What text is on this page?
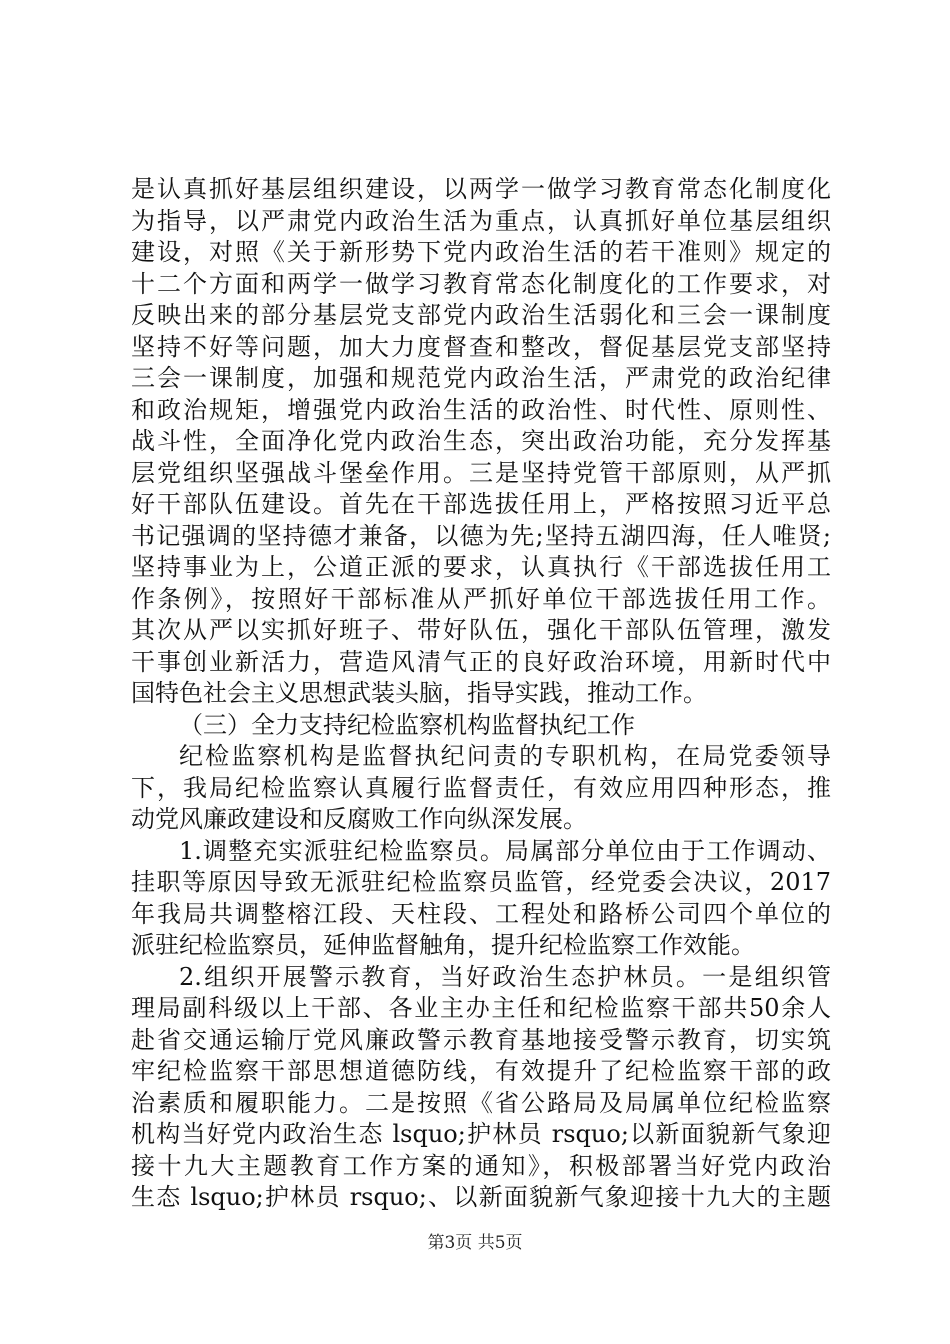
是认真抓好基层组织建设，以两学一做学习教育常态化制度化
为指导，以严肃党内政治生活为重点，认真抓好单位基层组织
建设，对照《关于新形势下党内政治生活的若干准则》规定的
十二个方面和两学一做学习教育常态化制度化的工作要求，对
反映出来的部分基层党支部党内政治生活弱化和三会一课制度
坚持不好等问题，加大力度督查和整改，督促基层党支部坚持
三会一课制度，加强和规范党内政治生活，严肃党的政治纪律
和政治规矩，增强党内政治生活的政治性、时代性、原则性、
战斗性，全面净化党内政治生态，突出政治功能，充分发挥基
层党组织坚强战斗堡垒作用。三是坚持党管干部原则，从严抓
好干部队伍建设。首先在干部选拔任用上，严格按照习近平总
书记强调的坚持德才兼备，以德为先;坚持五湖四海，任人唯贤;
坚持事业为上，公道正派的要求，认真执行《干部选拔任用工
作条例》，按照好干部标准从严抓好单位干部选拔任用工作。
其次从严以实抓好班子、带好队伍，强化干部队伍管理，激发
干事创业新活力，营造风清气正的良好政治环境，用新时代中
国特色社会主义思想武装头脑，指导实践，推动工作。
（三）全力支持纪检监察机构监督执纪工作
纪检监察机构是监督执纪问责的专职机构，在局党委领导
下，我局纪检监察认真履行监督责任，有效应用四种形态，推
动党风廉政建设和反腐败工作向纵深发展。
1.调整充实派驻纪检监察员。局属部分单位由于工作调动、
挂职等原因导致无派驻纪检监察员监管，经党委会决议，2017
年我局共调整榕江段、天柱段、工程处和路桥公司四个单位的
派驻纪检监察员，延伸监督触角，提升纪检监察工作效能。
2.组织开展警示教育，当好政治生态护林员。一是组织管
理局副科级以上干部、各业主办主任和纪检监察干部共50余人
赴省交通运输厅党风廉政警示教育基地接受警示教育，切实筑
牢纪检监察干部思想道德防线，有效提升了纪检监察干部的政
治素质和履职能力。二是按照《省公路局及局属单位纪检监察
机构当好党内政治生态 lsquo;护林员 rsquo;以新面貌新气象迎
接十九大主题教育工作方案的通知》，积极部署当好党内政治
生态 lsquo;护林员 rsquo;、以新面貌新气象迎接十九大的主题
第3页 共5页
